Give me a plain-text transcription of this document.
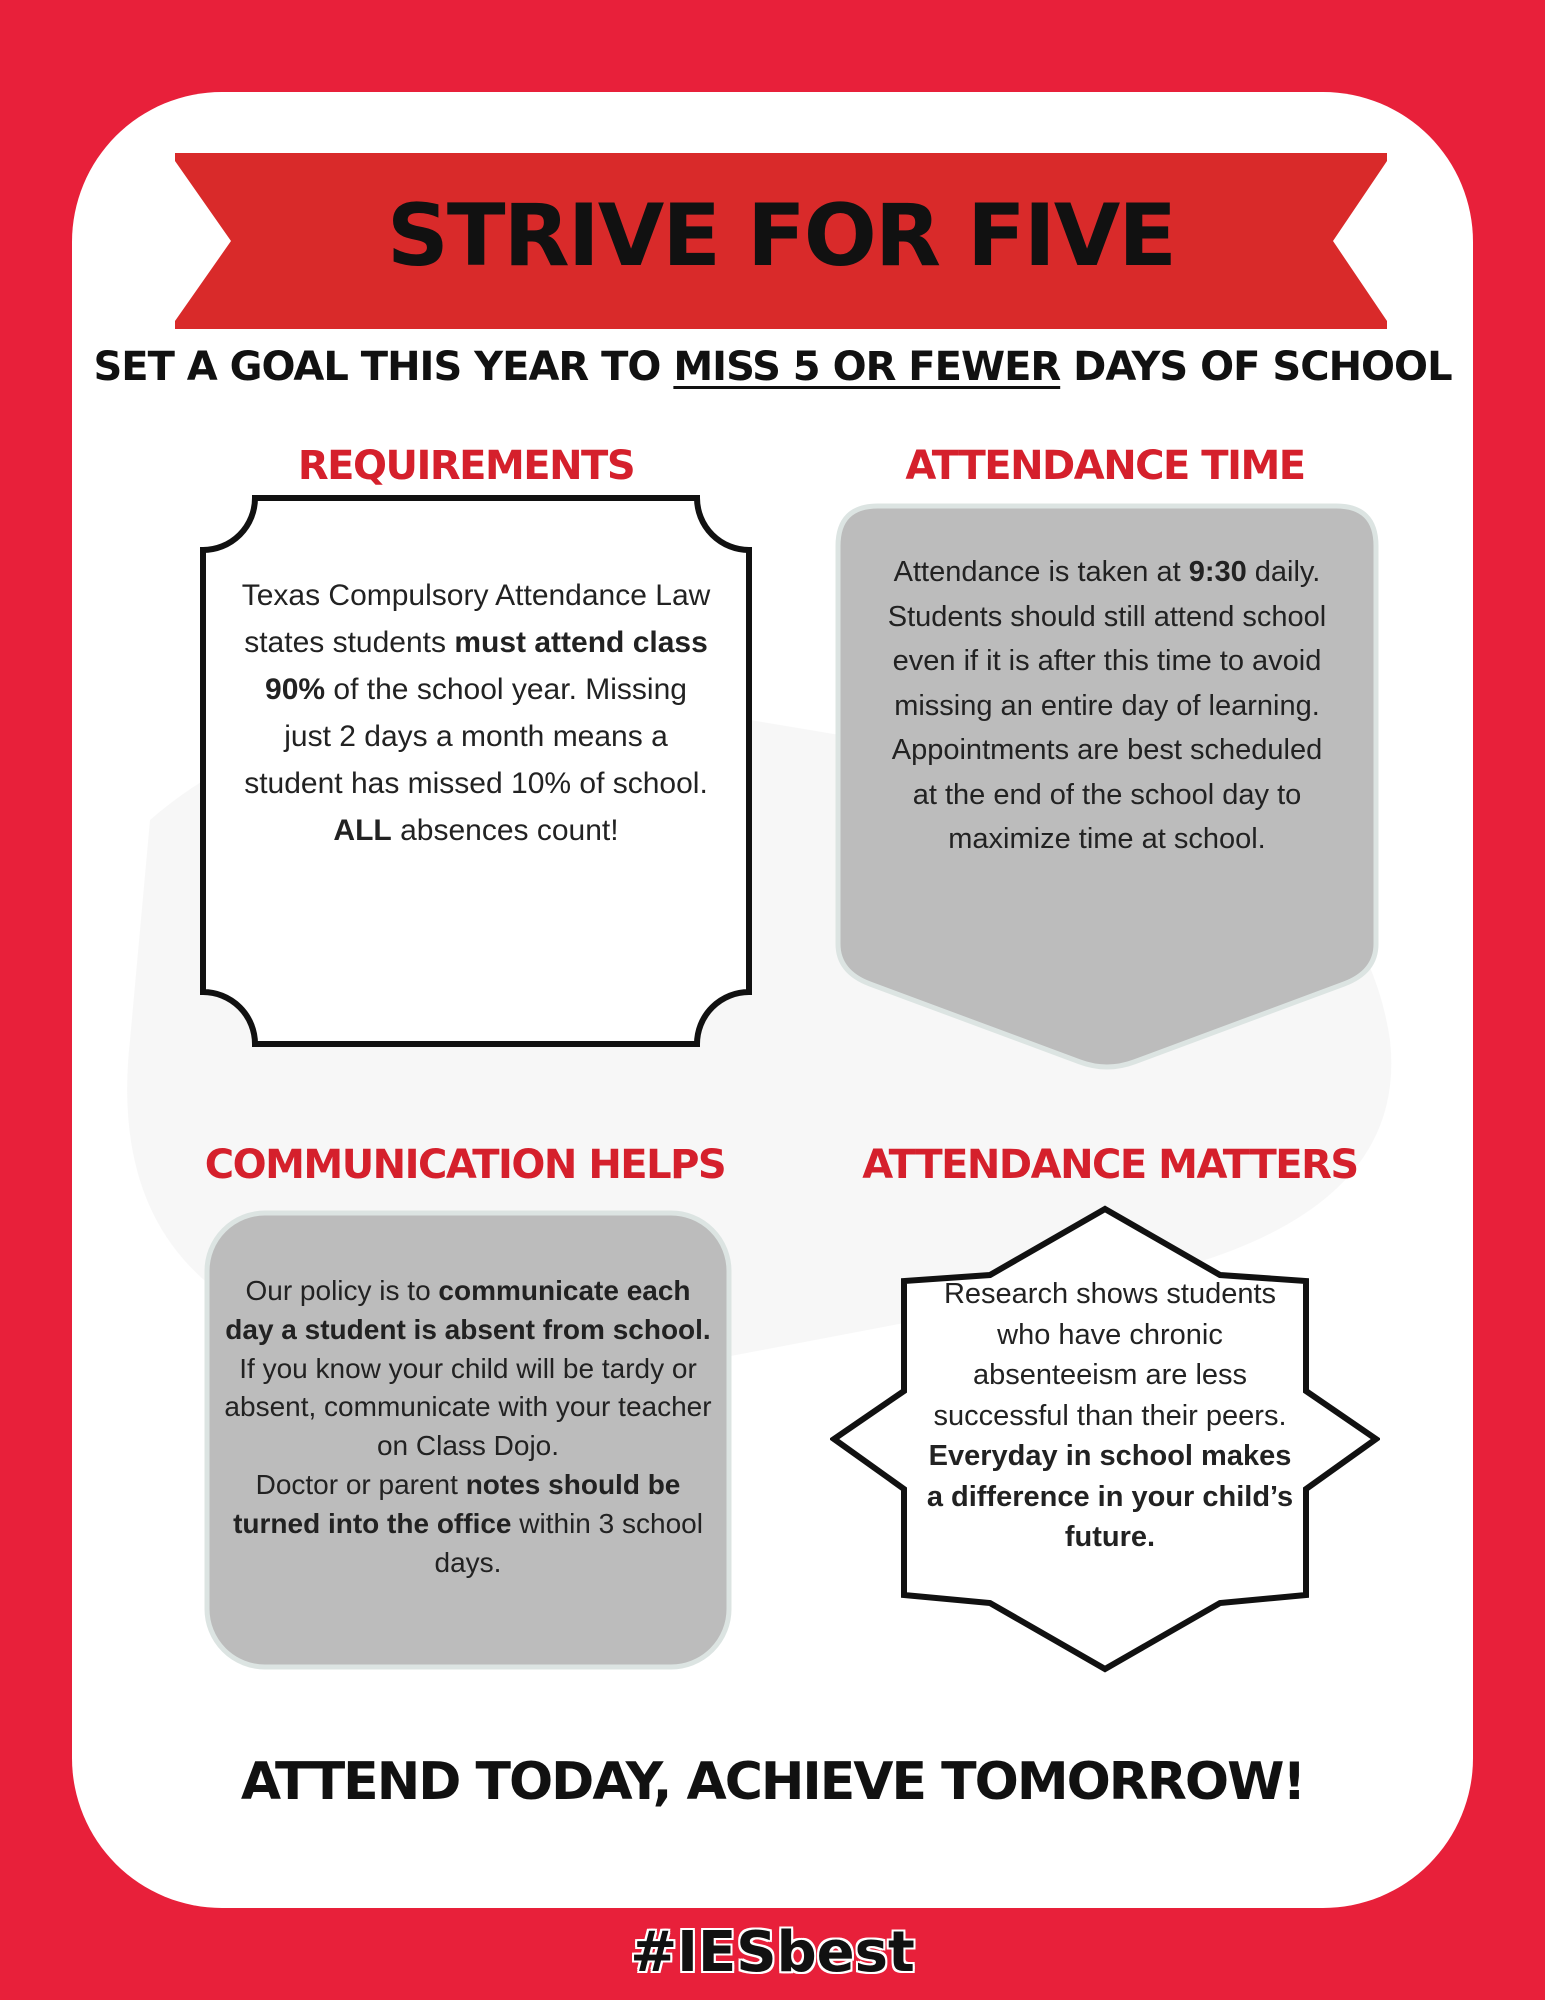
STRIVE FOR FIVE

SET A GOAL THIS YEAR TO MISS 5 OR FEWER DAYS OF SCHOOL

REQUIREMENTS

Texas Compulsory Attendance Law states students must attend class 90% of the school year. Missing just 2 days a month means a student has missed 10% of school. ALL absences count!

ATTENDANCE TIME

Attendance is taken at 9:30 daily. Students should still attend school even if it is after this time to avoid missing an entire day of learning. Appointments are best scheduled at the end of the school day to maximize time at school.

COMMUNICATION HELPS

Our policy is to communicate each day a student is absent from school. If you know your child will be tardy or absent, communicate with your teacher on Class Dojo.

Doctor or parent notes should be turned into the office within 3 school days.

ATTENDANCE MATTERS

Research shows students who have chronic absenteeism are less successful than their peers. Everyday in school makes a difference in your child’s future.

ATTEND TODAY, ACHIEVE TOMORROW!

#IESbest
